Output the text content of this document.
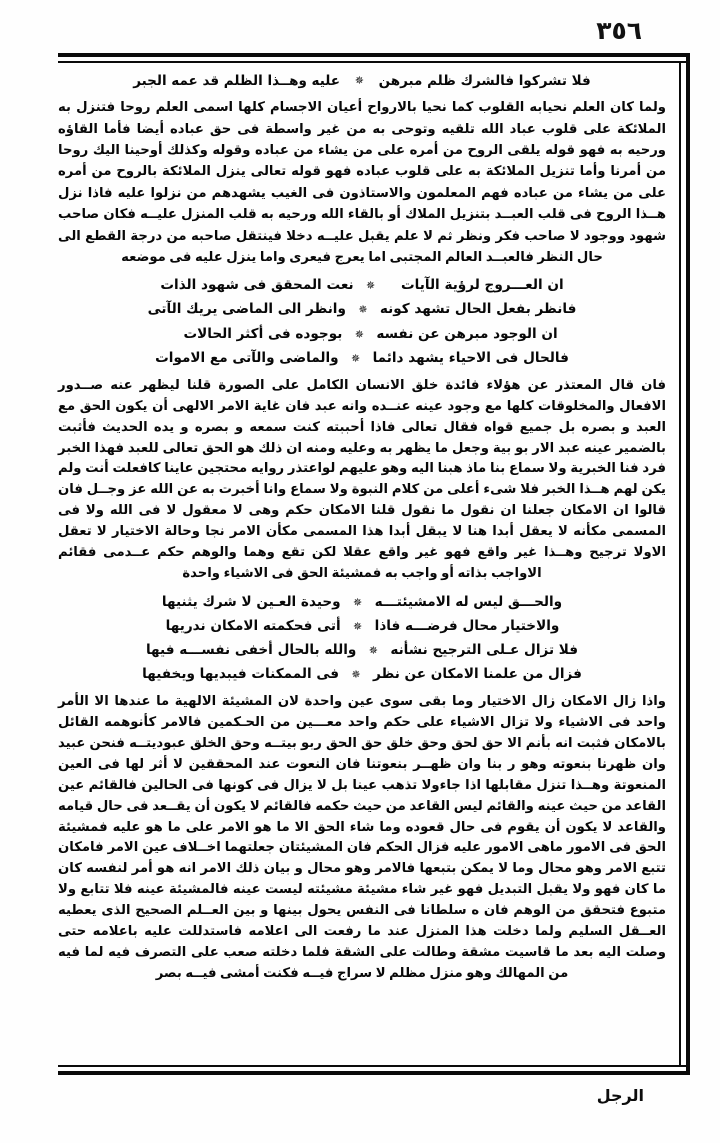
٣٥٦
فلا تشركوا فالشرك ظلم مبرهن ✵ عليه وهــذا الظلم قد عمه الجبر

ولما كان العلم نحيابه القلوب كما نحيا بالارواح أعيان الاجسام كلها اسمى العلم روحا فتنزل به الملائكة على قلوب عباد الله تلقيه وتوحى به من غير واسطة فى حق عباده أيضا فأما القاؤه ورحيه به فهو قوله يلقى الروح من أمره على من يشاء من عباده وقوله وكذلك أوحينا اليك روحا من أمرنا وأما تنزيل الملائكة به على قلوب عباده فهو قوله تعالى ينزل الملائكة بالروح من أمره على من يشاء من عباده فهم المعلمون والاستاذون فى الغيب يشهدهم من نزلوا عليه فاذا نزل هــذا الروح فى قلب العبــد بتنزيل الملاك أو بالقاء الله ورحيه به قلب المنزل عليــه فكان صاحب شهود ووجود لا صاحب فكر ونظر ثم لا علم يقبل عليــه دخلا فينتقل صاحبه من درجة القطع الى حال النظر فالعبــد العالم المجتبى اما يعرج فيعرى واما ينزل عليه فى موضعه

ان العـــروج لرؤية الآيات
✵
نعت المحقق فى شهود الذات
فانظر بفعل الحال تشهد كونه
✵
وانظر الى الماضى يريك الآتى
ان الوجود مبرهن عن نفسه
✵
بوجوده فى أكثر الحالات
فالحال فى الاحياء يشهد دائما
✵
والماضى والآتى مع الاموات

فان قال المعتذر عن هؤلاء فائدة خلق الانسان الكامل على الصورة قلنا ليظهر عنه صــدور الافعال والمخلوقات كلها مع وجود عينه عنــده وانه عبد فان غاية الامر الالهى أن يكون الحق مع العبد و بصره بل جميع قواه فقال تعالى فاذا أحببته كنت سمعه و بصره و يده الحديث فأثبت بالضمير عينه عبد الار بو بية وجعل ما يظهر به وعليه ومنه ان ذلك هو الحق تعالى للعبد فهذا الخبر فرد فنا الخبرية ولا سماع بنا ماذ هبنا اليه وهو عليهم لواعتذر روايه محتجين عاينا كافعلت أنت ولم يكن لهم هــذا الخبر فلا شىء أعلى من كلام النبوة ولا سماع وانا أخبرت به عن الله عز وجــل فان قالوا ان الامكان جعلنا ان نقول ما نقول قلنا الامكان حكم وهى لا معقول لا فى الله ولا فى المسمى مكأنه لا يعقل أبدا هنا لا يبقل أبدا هذا المسمى مكأن الامر نجا وحالة الاختيار لا تعقل الاولا ترجيح وهــذا غير واقع فهو غير واقع عقلا لكن تقع وهما والوهم حكم عــدمى فقائم الاواجب بذاته أو واجب به فمشيئة الحق فى الاشياء واحدة

والحـــق ليس له الامشيئتـــه
✵
وحيدة العـين لا شرك يثنيها
والاختيار محال فرضـــه فاذا
✵
أتى فحكمته الامكان ندريها
فلا تزال عـلى الترجيح نشأنه
✵
والله بالحال أخفى نفســـه فيها
فزال من علمنا الامكان عن نظر
✵
فى الممكنات فيبديها ويخفيها

واذا زال الامكان زال الاختيار وما بقى سوى عين واحدة لان المشيئة الالهية ما عندها الا الأمر واحد فى الاشياء ولا تزال الاشياء على حكم واحد معـــين من الحـكمين فالامر كأنوهمه القائل بالامكان فثبت انه بأنم الا حق لحق وحق خلق حق الحق ربو بيتــه وحق الخلق عبوديتــه فنحن عبيد وان ظهرنا بنعوته وهو ر بنا وان ظهــر بنعوتنا فان النعوت عند المحققين لا أثر لها فى العين المنعوتة وهــذا تنزل مقابلها اذا جاءولا تذهب عينا بل لا يزال فى كونها فى الحالين فالقائم عين القاعد من حيث عينه والقائم ليس القاعد من حيث حكمه فالقائم لا يكون أن يقــعد فى حال قيامه والقاعد لا يكون أن يقوم فى حال قعوده وما شاء الحق الا ما هو الامر على ما هو عليه فمشيئة الحق فى الامور ماهى الامور عليه فزال الحكم فان المشيئتان جعلتهما اخــلاف عين الامر فامكان تتبع الامر وهو محال وما لا يمكن بتبعها فالامر وهو محال و بيان ذلك الامر انه هو أمر لنفسه كان ما كان فهو ولا يقبل التبديل فهو غير شاء مشيئة مشيئته ليست عينه فالمشيئة عينه فلا تتابع ولا متبوع فتحقق من الوهم فان ه سلطانا فى النفس يحول بينها و بين العــلم الصحيح الذى يعطيه العــقل السليم ولما دخلت هذا المنزل عند ما رفعت الى اعلامه فاستدللت عليه باعلامه حتى وصلت اليه بعد ما قاسيت مشقة وطالت على الشقة فلما دخلته صعب على التصرف فيه لما فيه من المهالك وهو منزل مظلم لا سراج فيــه فكنت أمشى فيــه بصر

الرجل
